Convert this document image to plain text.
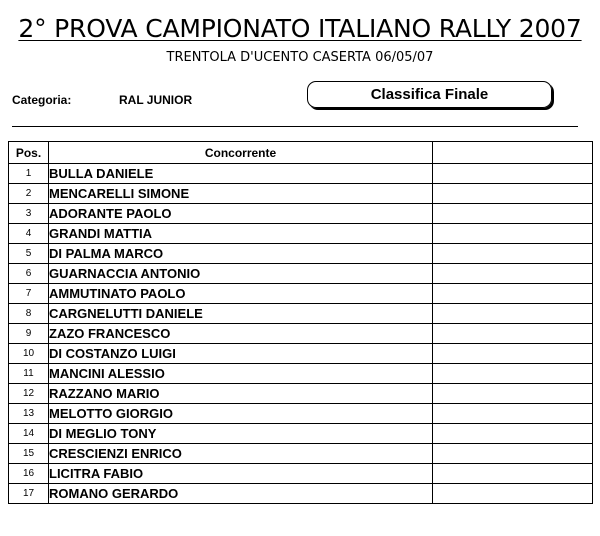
2° PROVA CAMPIONATO ITALIANO RALLY 2007
TRENTOLA D'UCENTO CASERTA 06/05/07
Categoria:	RAL JUNIOR	Classifica Finale
Pos.	Concorrente	
1	BULLA DANIELE	
2	MENCARELLI SIMONE	
3	ADORANTE PAOLO	
4	GRANDI MATTIA	
5	DI PALMA MARCO	
6	GUARNACCIA ANTONIO	
7	AMMUTINATO PAOLO	
8	CARGNELUTTI DANIELE	
9	ZAZO FRANCESCO	
10	DI COSTANZO LUIGI	
11	MANCINI ALESSIO	
12	RAZZANO MARIO	
13	MELOTTO GIORGIO	
14	DI MEGLIO TONY	
15	CRESCIENZI ENRICO	
16	LICITRA FABIO	
17	ROMANO GERARDO	
